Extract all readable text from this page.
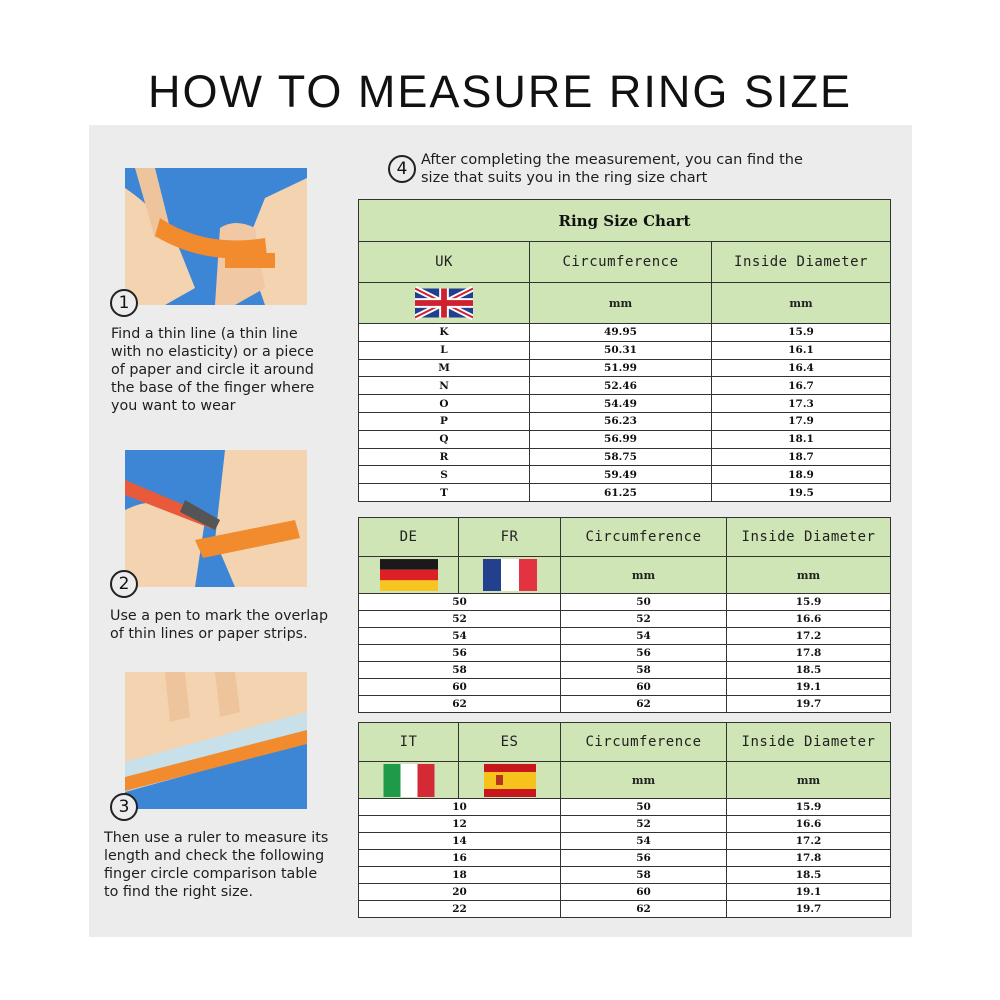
HOW TO MEASURE RING SIZE
1
Find a thin line (a thin line
with no elasticity) or a piece
of paper and circle it around
the base of the finger where
you want to wear
2
Use a pen to mark the overlap
of thin lines or paper strips.
3
Then use a ruler to measure its
length and check the following
finger circle comparison table
to find the right size.
4 After completing the measurement, you can find the
size that suits you in the ring size chart
Ring Size Chart		
UK	Circumference	Inside Diameter
	mm	mm
K	49.95	15.9
L	50.31	16.1
M	51.99	16.4
N	52.46	16.7
O	54.49	17.3
P	56.23	17.9
Q	56.99	18.1
R	58.75	18.7
S	59.49	18.9
T	61.25	19.5
DE	FR	Circumference	Inside Diameter
		mm	mm
50		50	15.9
52		52	16.6
54		54	17.2
56		56	17.8
58		58	18.5
60		60	19.1
62		62	19.7
IT	ES	Circumference	Inside Diameter
		mm	mm
10		50	15.9
12		52	16.6
14		54	17.2
16		56	17.8
18		58	18.5
20		60	19.1
22		62	19.7
